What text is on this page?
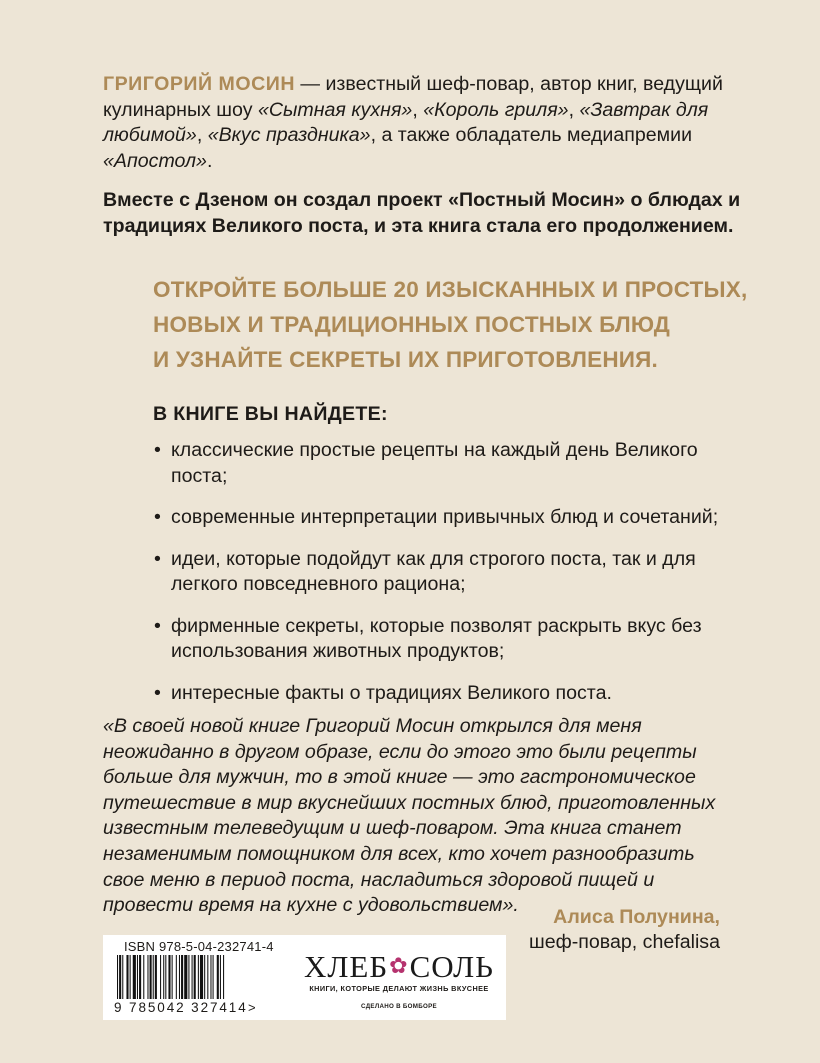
ГРИГОРИЙ МОСИН — известный шеф-повар, автор книг, ведущий кулинарных шоу «Сытная кухня», «Король гриля», «Завтрак для любимой», «Вкус праздника», а также обладатель медиапремии «Апостол».

Вместе с Дзеном он создал проект «Постный Мосин» о блюдах и традициях Великого поста, и эта книга стала его продолжением.

ОТКРОЙТЕ БОЛЬШЕ 20 ИЗЫСКАННЫХ И ПРОСТЫХ,
НОВЫХ И ТРАДИЦИОННЫХ ПОСТНЫХ БЛЮД
И УЗНАЙТЕ СЕКРЕТЫ ИХ ПРИГОТОВЛЕНИЯ.

В КНИГЕ ВЫ НАЙДЕТЕ:

• классические простые рецепты на каждый день Великого поста;
• современные интерпретации привычных блюд и сочетаний;
• идеи, которые подойдут как для строгого поста, так и для легкого повседневного рациона;
• фирменные секреты, которые позволят раскрыть вкус без использования животных продуктов;
• интересные факты о традициях Великого поста.

«В своей новой книге Григорий Мосин открылся для меня неожиданно в другом образе, если до этого это были рецепты больше для мужчин, то в этой книге — это гастрономическое путешествие в мир вкуснейших постных блюд, приготовленных известным телеведущим и шеф-поваром. Эта книга станет незаменимым помощником для всех, кто хочет разнообразить свое меню в период поста, насладиться здоровой пищей и провести время на кухне с удовольствием».

Алиса Полунина,
шеф-повар, chefalisa
ISBN 978-5-04-232741-4
9 785042 327414 >
ХЛЕБ✿СОЛЬ
КНИГИ, КОТОРЫЕ ДЕЛАЮТ ЖИЗНЬ ВКУСНЕЕ
СДЕЛАНО В БОМБОРЕ
